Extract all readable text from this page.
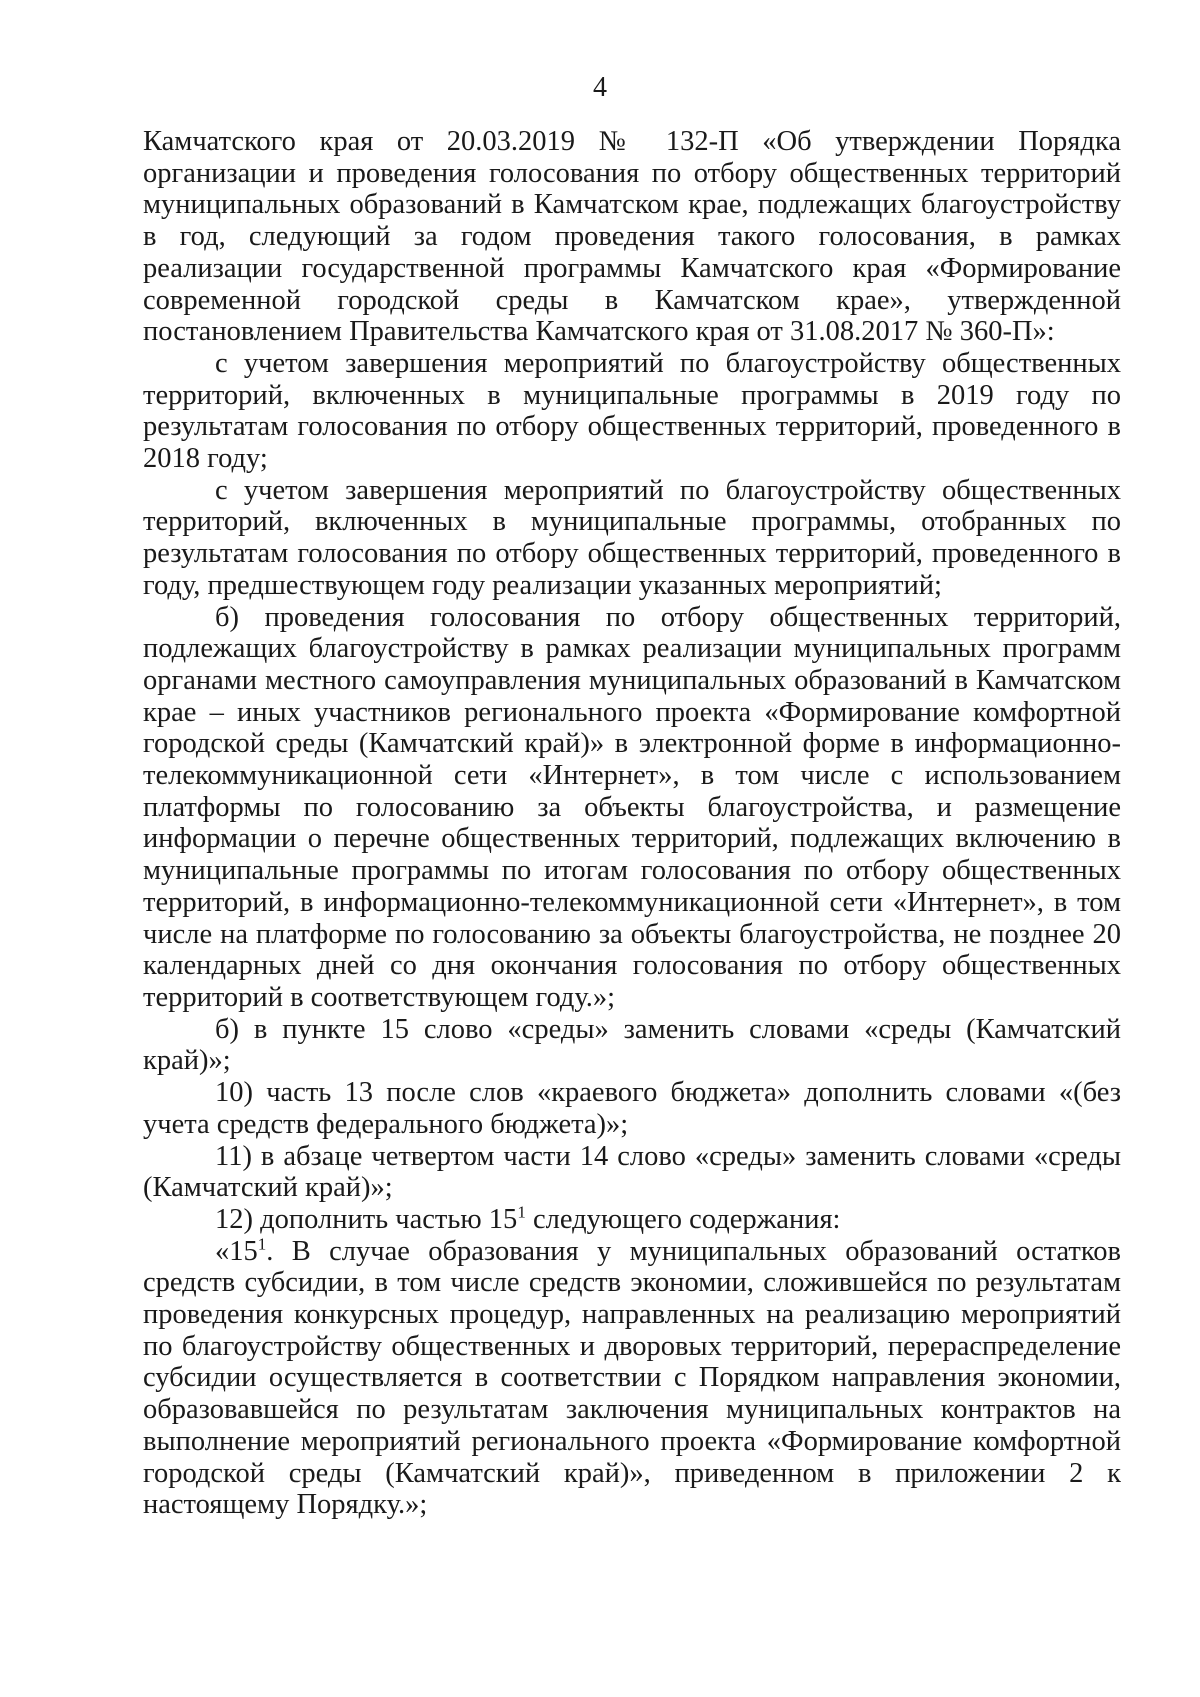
4

Камчатского края от 20.03.2019 № 132-П «Об утверждении Порядка организации и проведения голосования по отбору общественных территорий муниципальных образований в Камчатском крае, подлежащих благоустройству в год, следующий за годом проведения такого голосования, в рамках реализации государственной программы Камчатского края «Формирование современной городской среды в Камчатском крае», утвержденной постановлением Правительства Камчатского края от 31.08.2017 № 360-П»:

с учетом завершения мероприятий по благоустройству общественных территорий, включенных в муниципальные программы в 2019 году по результатам голосования по отбору общественных территорий, проведенного в 2018 году;

с учетом завершения мероприятий по благоустройству общественных территорий, включенных в муниципальные программы, отобранных по результатам голосования по отбору общественных территорий, проведенного в году, предшествующем году реализации указанных мероприятий;

б) проведения голосования по отбору общественных территорий, подлежащих благоустройству в рамках реализации муниципальных программ органами местного самоуправления муниципальных образований в Камчатском крае – иных участников регионального проекта «Формирование комфортной городской среды (Камчатский край)» в электронной форме в информационно-телекоммуникационной сети «Интернет», в том числе с использованием платформы по голосованию за объекты благоустройства, и размещение информации о перечне общественных территорий, подлежащих включению в муниципальные программы по итогам голосования по отбору общественных территорий, в информационно-телекоммуникационной сети «Интернет», в том числе на платформе по голосованию за объекты благоустройства, не позднее 20 календарных дней со дня окончания голосования по отбору общественных территорий в соответствующем году.»;

б) в пункте 15 слово «среды» заменить словами «среды (Камчатский край)»;

10) часть 13 после слов «краевого бюджета» дополнить словами «(без учета средств федерального бюджета)»;

11) в абзаце четвертом части 14 слово «среды» заменить словами «среды (Камчатский край)»;

12) дополнить частью $15^1$ следующего содержания:

«$15^1$. В случае образования у муниципальных образований остатков средств субсидии, в том числе средств экономии, сложившейся по результатам проведения конкурсных процедур, направленных на реализацию мероприятий по благоустройству общественных и дворовых территорий, перераспределение субсидии осуществляется в соответствии с Порядком направления экономии, образовавшейся по результатам заключения муниципальных контрактов на выполнение мероприятий регионального проекта «Формирование комфортной городской среды (Камчатский край)», приведенном в приложении 2 к настоящему Порядку.»;
